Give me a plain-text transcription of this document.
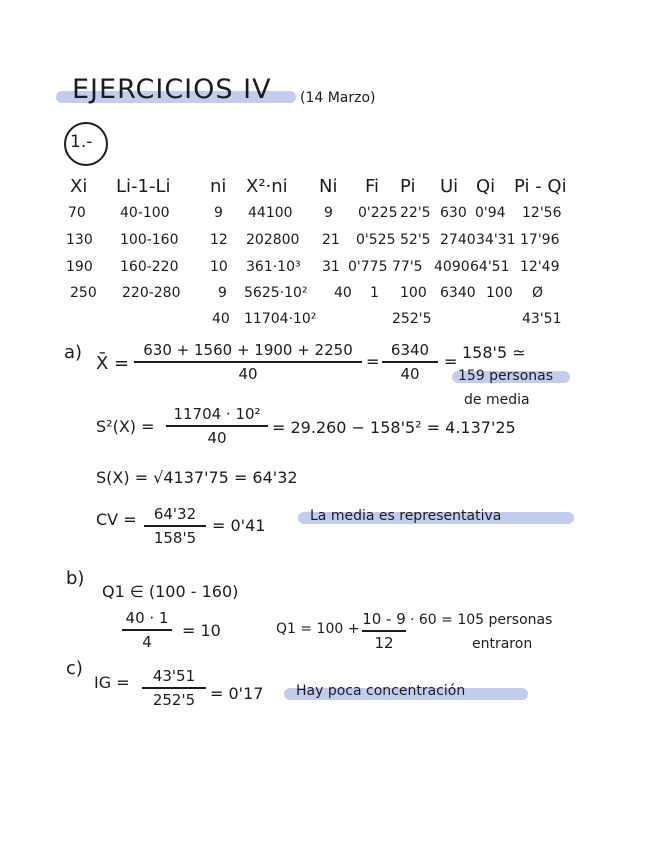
EJERCICIOS IV (14 Marzo)
1.-
Xi Li-1-Li ni X²·ni Ni Fi Pi Ui Qi Pi - Qi
70 40-100	9 44100 9 0'225 22'5 630 0'94 12'56
130 100-160 12 202800 21 0'525 52'5 2740 34'31 17'96
190 160-220 10 361·10³ 31 0'775 77'5 4090 64'51 12'49
250 220-280	9 5625·10² 40 1 100 6340 100 Ø
40 11704·10²	252'5	43'51
a)
X̄ =
630 + 1560 + 1900 + 2250
40
=
6340
40
= 158'5 ≃
159 personas
de media
S²(X) =
11704 · 10²
40
= 29.260 − 158'5² = 4.137'25
S(X) = √4137'75 = 64'32
CV =	64'32
158'5
= 0'41	La media es representativa
b)
Q1 ∈ (100 - 160)
40 · 1
4
= 10	Q1 = 100 +
10 - 9
12
· 60 = 105 personas
entraron
c)
IG =	43'51
252'5 = 0'17 Hay poca concentración
